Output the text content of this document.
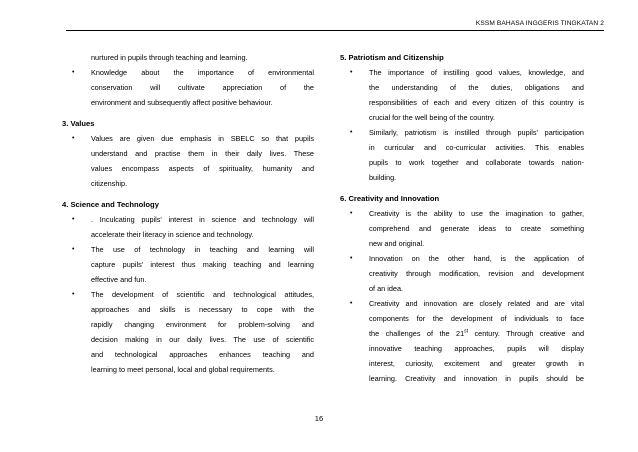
KSSM BAHASA INGGERIS TINGKATAN 2
nurtured in pupils through teaching and learning.
• Knowledge about the importance of environmental
conservation will cultivate appreciation of the
environment and subsequently affect positive behaviour.
3. Values
• Values are given due emphasis in SBELC so that pupils
understand and practise them in their daily lives. These
values encompass aspects of spirituality, humanity and
citizenship.
4. Science and Technology
• . Inculcating pupils' interest in science and technology will
accelerate their literacy in science and technology.
• The use of technology in teaching and learning will
capture pupils' interest thus making teaching and learning
effective and fun.
• The development of scientific and technological attitudes,
approaches and skills is necessary to cope with the
rapidly changing environment for problem-solving and
decision making in our daily lives. The use of scientific
and technological approaches enhances teaching and
learning to meet personal, local and global requirements.
5. Patriotism and Citizenship
• The importance of instilling good values, knowledge, and
the understanding of the duties, obligations and
responsibilities of each and every citizen of this country is
crucial for the well being of the country.
• Similarly, patriotism is instilled through pupils' participation
in curricular and co-curricular activities. This enables
pupils to work together and collaborate towards nation-
building.
6. Creativity and Innovation
• Creativity is the ability to use the imagination to gather,
comprehend and generate ideas to create something
new and original.
• Innovation on the other hand, is the application of
creativity through modification, revision and development
of an idea.
• Creativity and innovation are closely related and are vital
components for the development of individuals to face
the challenges of the 21st century. Through creative and
innovative teaching approaches, pupils will display
interest, curiosity, excitement and greater growth in
learning. Creativity and innovation in pupils should be
16
